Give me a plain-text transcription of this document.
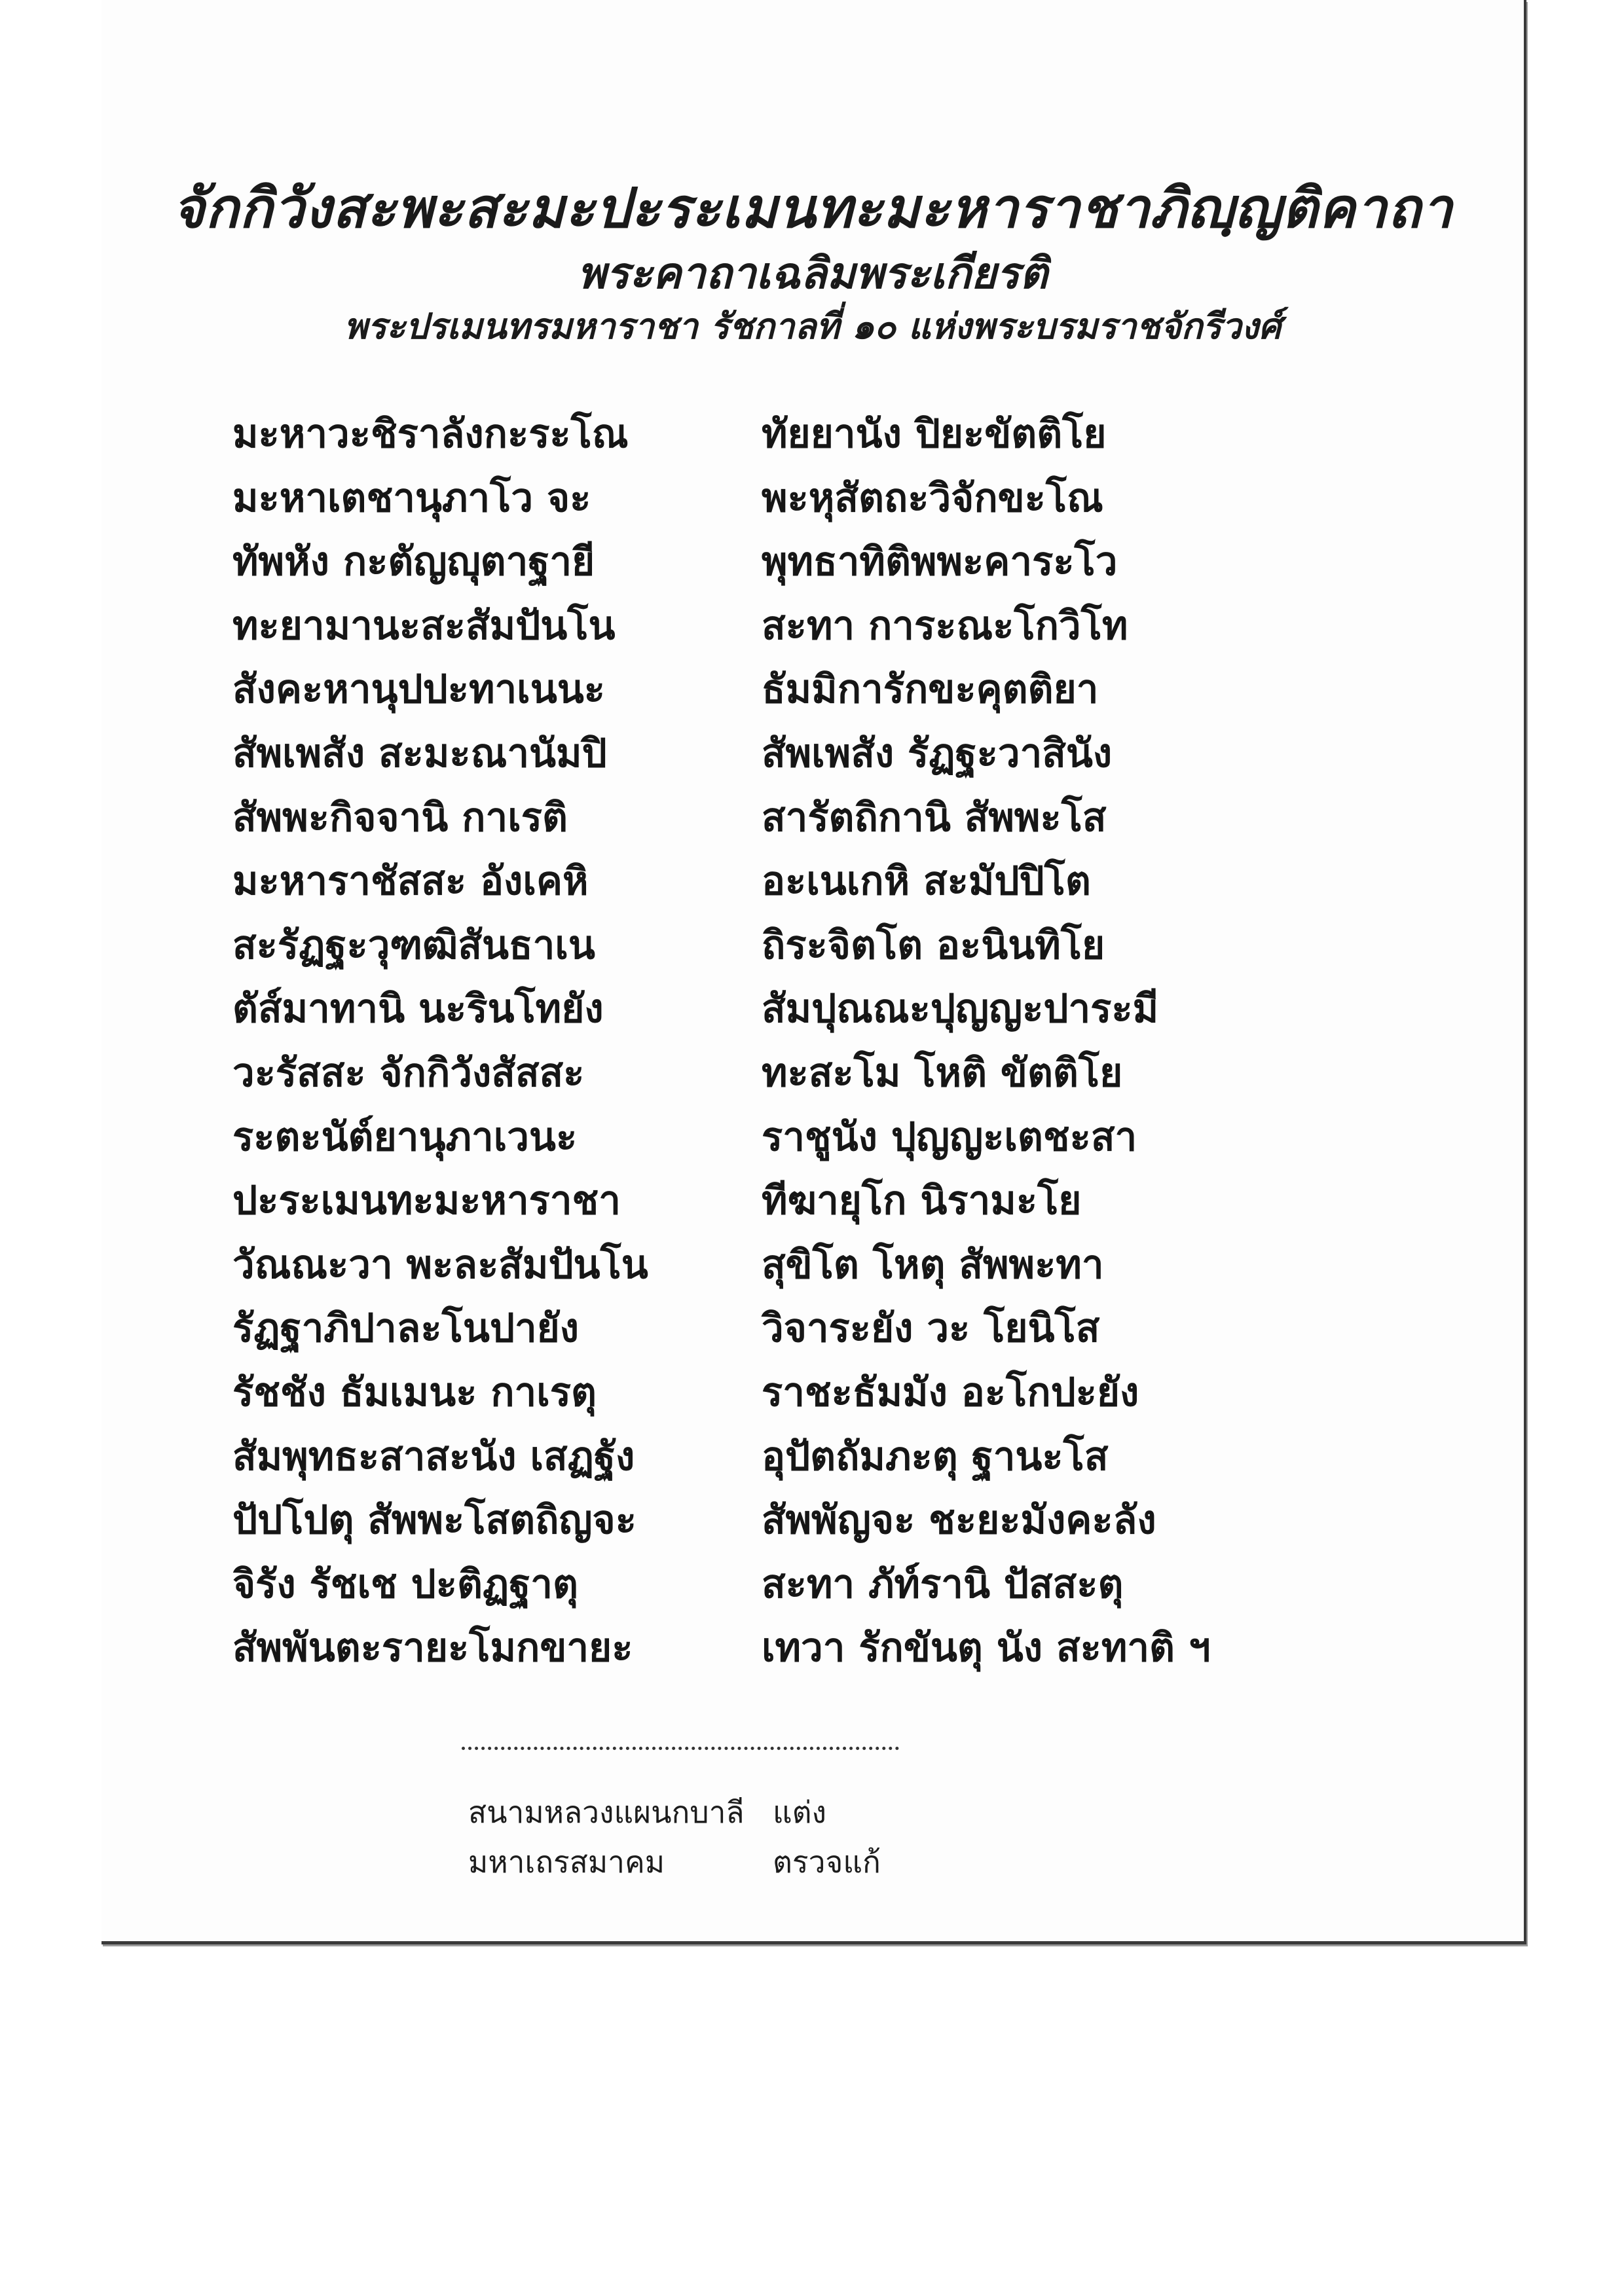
จักกิวังสะพะสะมะปะระเมนทะมะหาราชาภิญฺญติคาถา
พระคาถาเฉลิมพระเกียรติ
พระปรเมนทรมหาราชา รัชกาลที่ ๑๐ แห่งพระบรมราชจักรีวงศ์
มะหาวะชิราลังกะระโณ
มะหาเตชานุภาโว จะ
ทัพหัง กะตัญญุตาฐายี
ทะยามานะสะสัมปันโน
สังคะหานุปปะทาเนนะ
สัพเพสัง สะมะณานัมปิ
สัพพะกิจจานิ กาเรติ
มะหาราชัสสะ อังเคหิ
สะรัฏฐะวุฑฒิสันธาเน
ตัส์มาทานิ นะรินโทยัง
วะรัสสะ จักกิวังสัสสะ
ระตะนัต์ยานุภาเวนะ
ปะระเมนทะมะหาราชา
วัณณะวา พะละสัมปันโน
รัฏฐาภิปาละโนปายัง
รัชชัง ธัมเมนะ กาเรตุ
สัมพุทธะสาสะนัง เสฏฐัง
ปัปโปตุ สัพพะโสตถิญจะ
จิรัง รัชเช ปะติฏฐาตุ
สัพพันตะรายะโมกขายะ
ทัยยานัง ปิยะขัตติโย
พะหุสัตถะวิจักขะโณ
พุทธาทิติพพะคาระโว
สะทา การะณะโกวิโท
ธัมมิการักขะคุตติยา
สัพเพสัง รัฏฐะวาสินัง
สารัตถิกานิ สัพพะโส
อะเนเกหิ สะมัปปิโต
ถิระจิตโต อะนินทิโย
สัมปุณณะปุญญะปาระมี
ทะสะโม โหติ ขัตติโย
ราชูนัง ปุญญะเตชะสา
ทีฆายุโก นิรามะโย
สุขิโต โหตุ สัพพะทา
วิจาระยัง วะ โยนิโส
ราชะธัมมัง อะโกปะยัง
อุปัตถัมภะตุ ฐานะโส
สัพพัญจะ ชะยะมังคะลัง
สะทา ภัท์รานิ ปัสสะตุ
เทวา รักขันตุ นัง สะทาติ ฯ
สนามหลวงแผนกบาลี แต่ง
มหาเถรสมาคม	ตรวจแก้
